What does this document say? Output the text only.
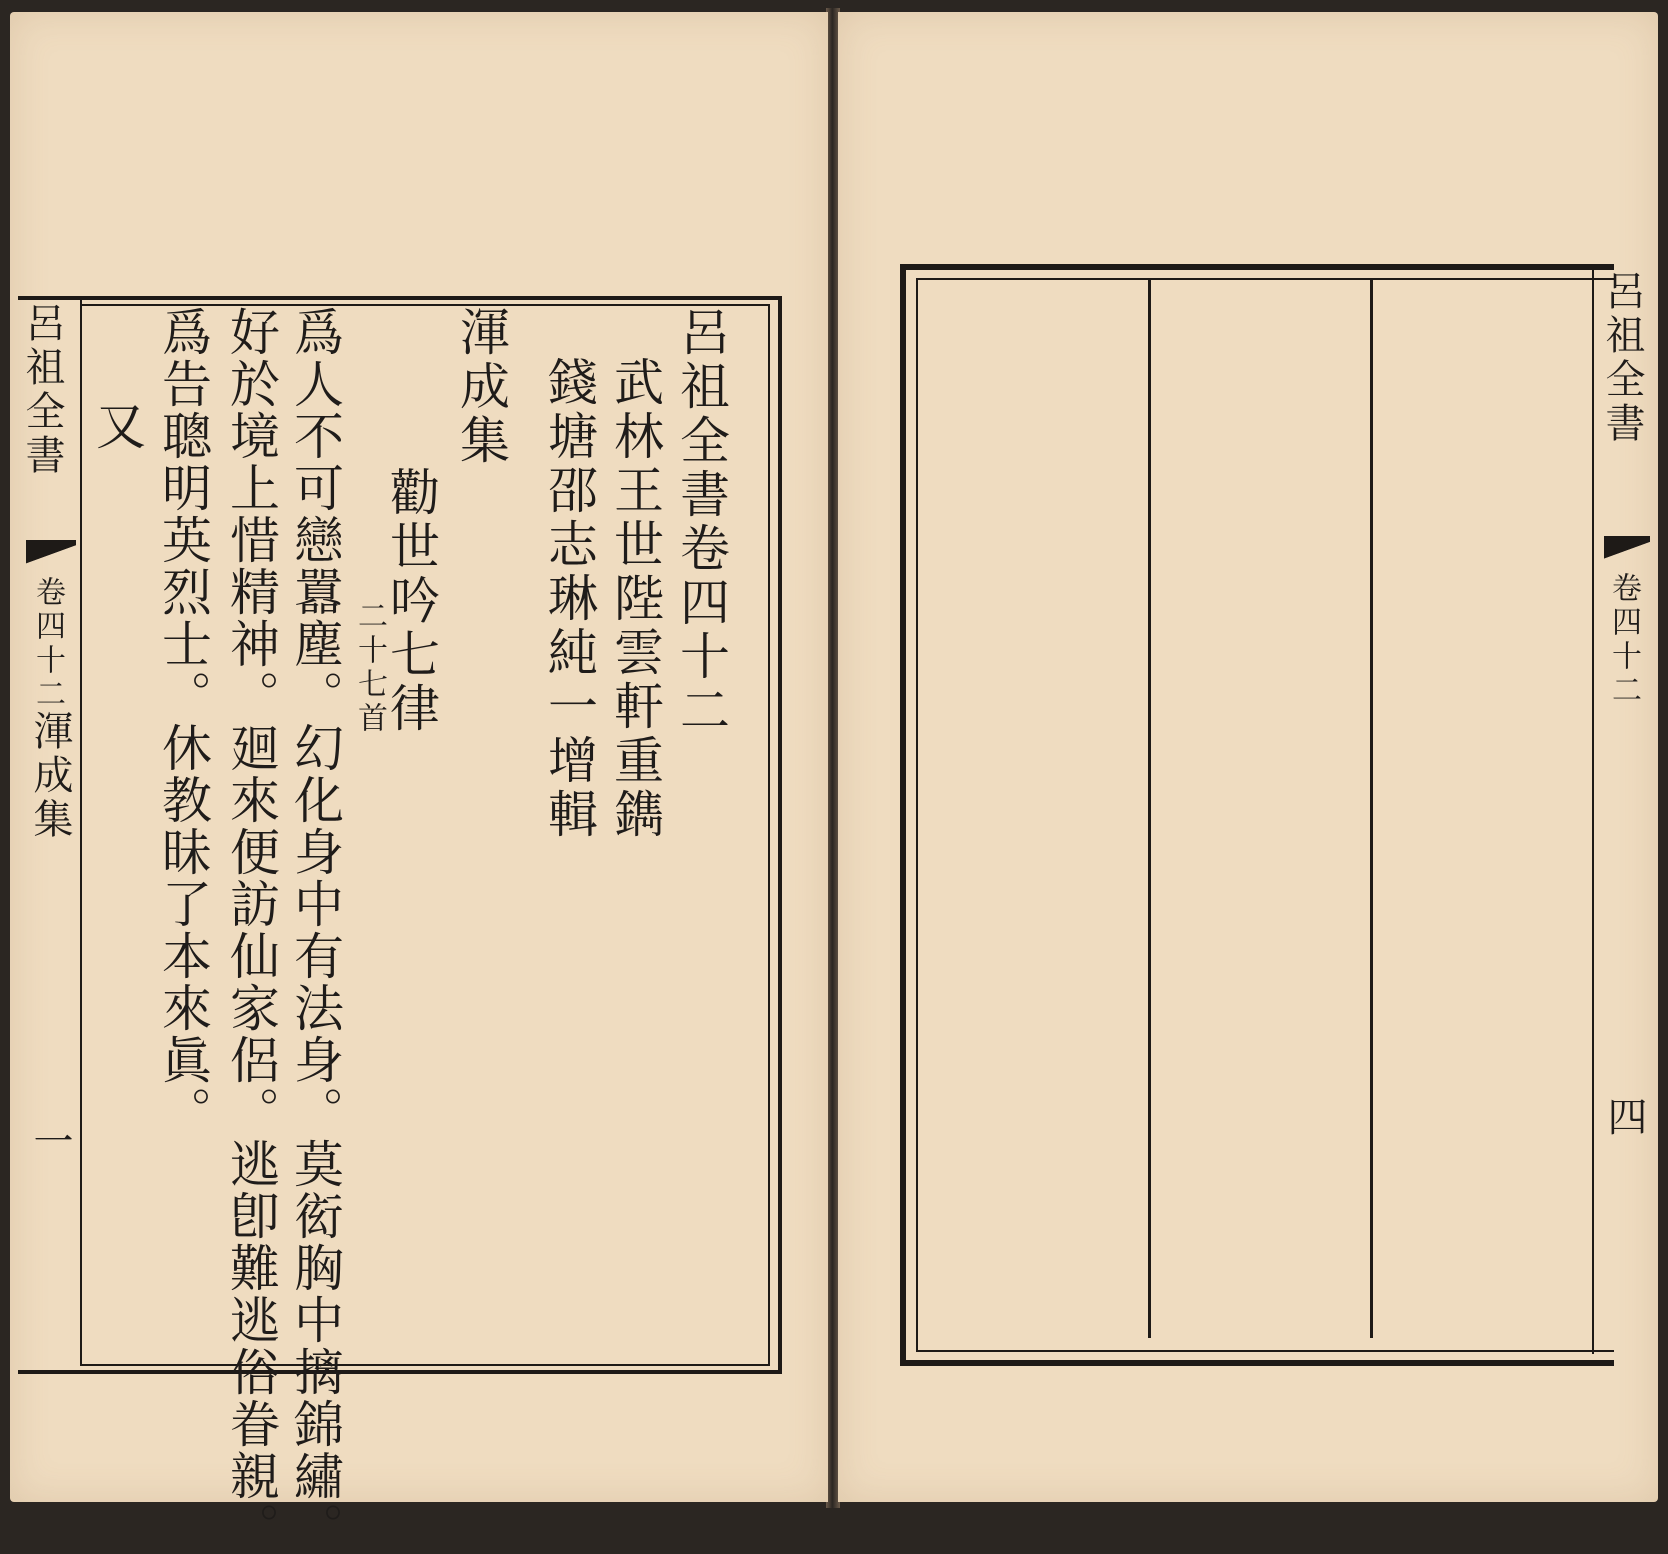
呂祖全書
卷四十二
渾成集
一
呂祖全書卷四十二
武林王世陛雲軒重鐫
錢塘邵志琳純一增輯
渾成集
勸世吟七律
二十七首
爲人不可戀囂塵。幻化身中有法身。莫衒胸中摛錦繡。
好於境上惜精神。廻來便訪仙家侶。逃卽難逃俗眷親。
爲告聰明英烈士。休教昧了本來眞。
又	呂祖全書
卷四十二
四
